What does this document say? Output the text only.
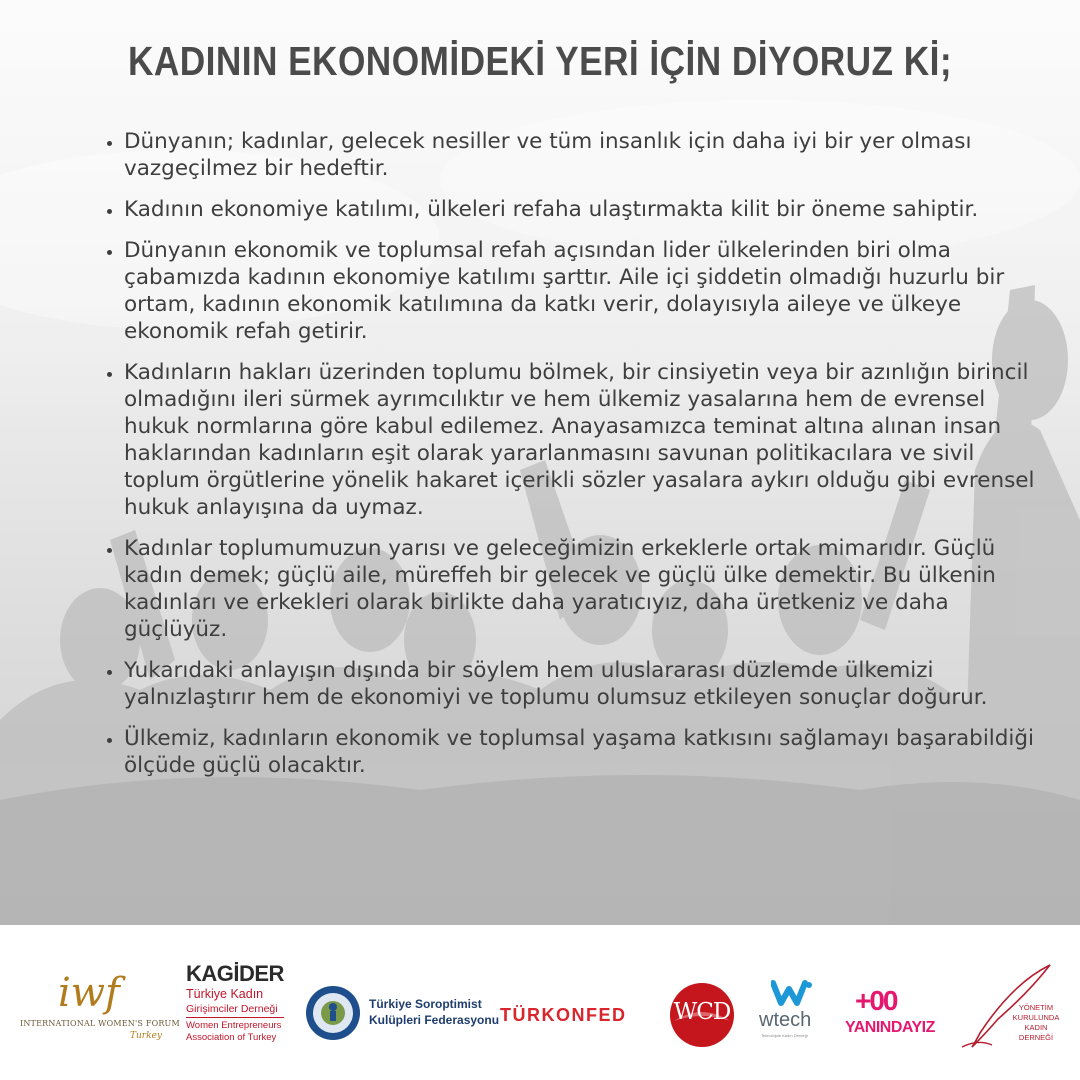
KADININ EKONOMİDEKİ YERİ İÇİN DİYORUZ Kİ;
• Dünyanın; kadınlar, gelecek nesiller ve tüm insanlık için daha iyi bir yer olması vazgeçilmez bir hedeftir.
• Kadının ekonomiye katılımı, ülkeleri refaha ulaştırmakta kilit bir öneme sahiptir.
• Dünyanın ekonomik ve toplumsal refah açısından lider ülkelerinden biri olma çabamızda kadının ekonomiye katılımı şarttır. Aile içi şiddetin olmadığı huzurlu bir ortam, kadının ekonomik katılımına da katkı verir, dolayısıyla aileye ve ülkeye ekonomik refah getirir.
• Kadınların hakları üzerinden toplumu bölmek, bir cinsiyetin veya bir azınlığın birincil olmadığını ileri sürmek ayrımcılıktır ve hem ülkemiz yasalarına hem de evrensel hukuk normlarına göre kabul edilemez. Anayasamızca teminat altına alınan insan haklarından kadınların eşit olarak yararlanmasını savunan politikacılara ve sivil toplum örgütlerine yönelik hakaret içerikli sözler yasalara aykırı olduğu gibi evrensel hukuk anlayışına da uymaz.
• Kadınlar toplumumuzun yarısı ve geleceğimizin erkeklerle ortak mimarıdır. Güçlü kadın demek; güçlü aile, müreffeh bir gelecek ve güçlü ülke demektir. Bu ülkenin kadınları ve erkekleri olarak birlikte daha yaratıcıyız, daha üretkeniz ve daha güçlüyüz.
• Yukarıdaki anlayışın dışında bir söylem hem uluslararası düzlemde ülkemizi yalnızlaştırır hem de ekonomiyi ve toplumu olumsuz etkileyen sonuçlar doğurur.
• Ülkemiz, kadınların ekonomik ve toplumsal yaşama katkısını sağlamayı başarabildiği ölçüde güçlü olacaktır.
iwf
INTERNATIONAL WOMEN'S FORUM
Turkey
KAGİDER
Türkiye Kadın
Girişimciler Derneği
Women Entrepreneurs
Association of Turkey
Türkiye Soroptimist
Kulüpleri Federasyonu TÜRKONFED WCD wtech
Teknolojide Kadın Derneği
+00
YANINDAYIZ
YÖNETİM
KURULUNDA
KADIN
DERNEĞİ
